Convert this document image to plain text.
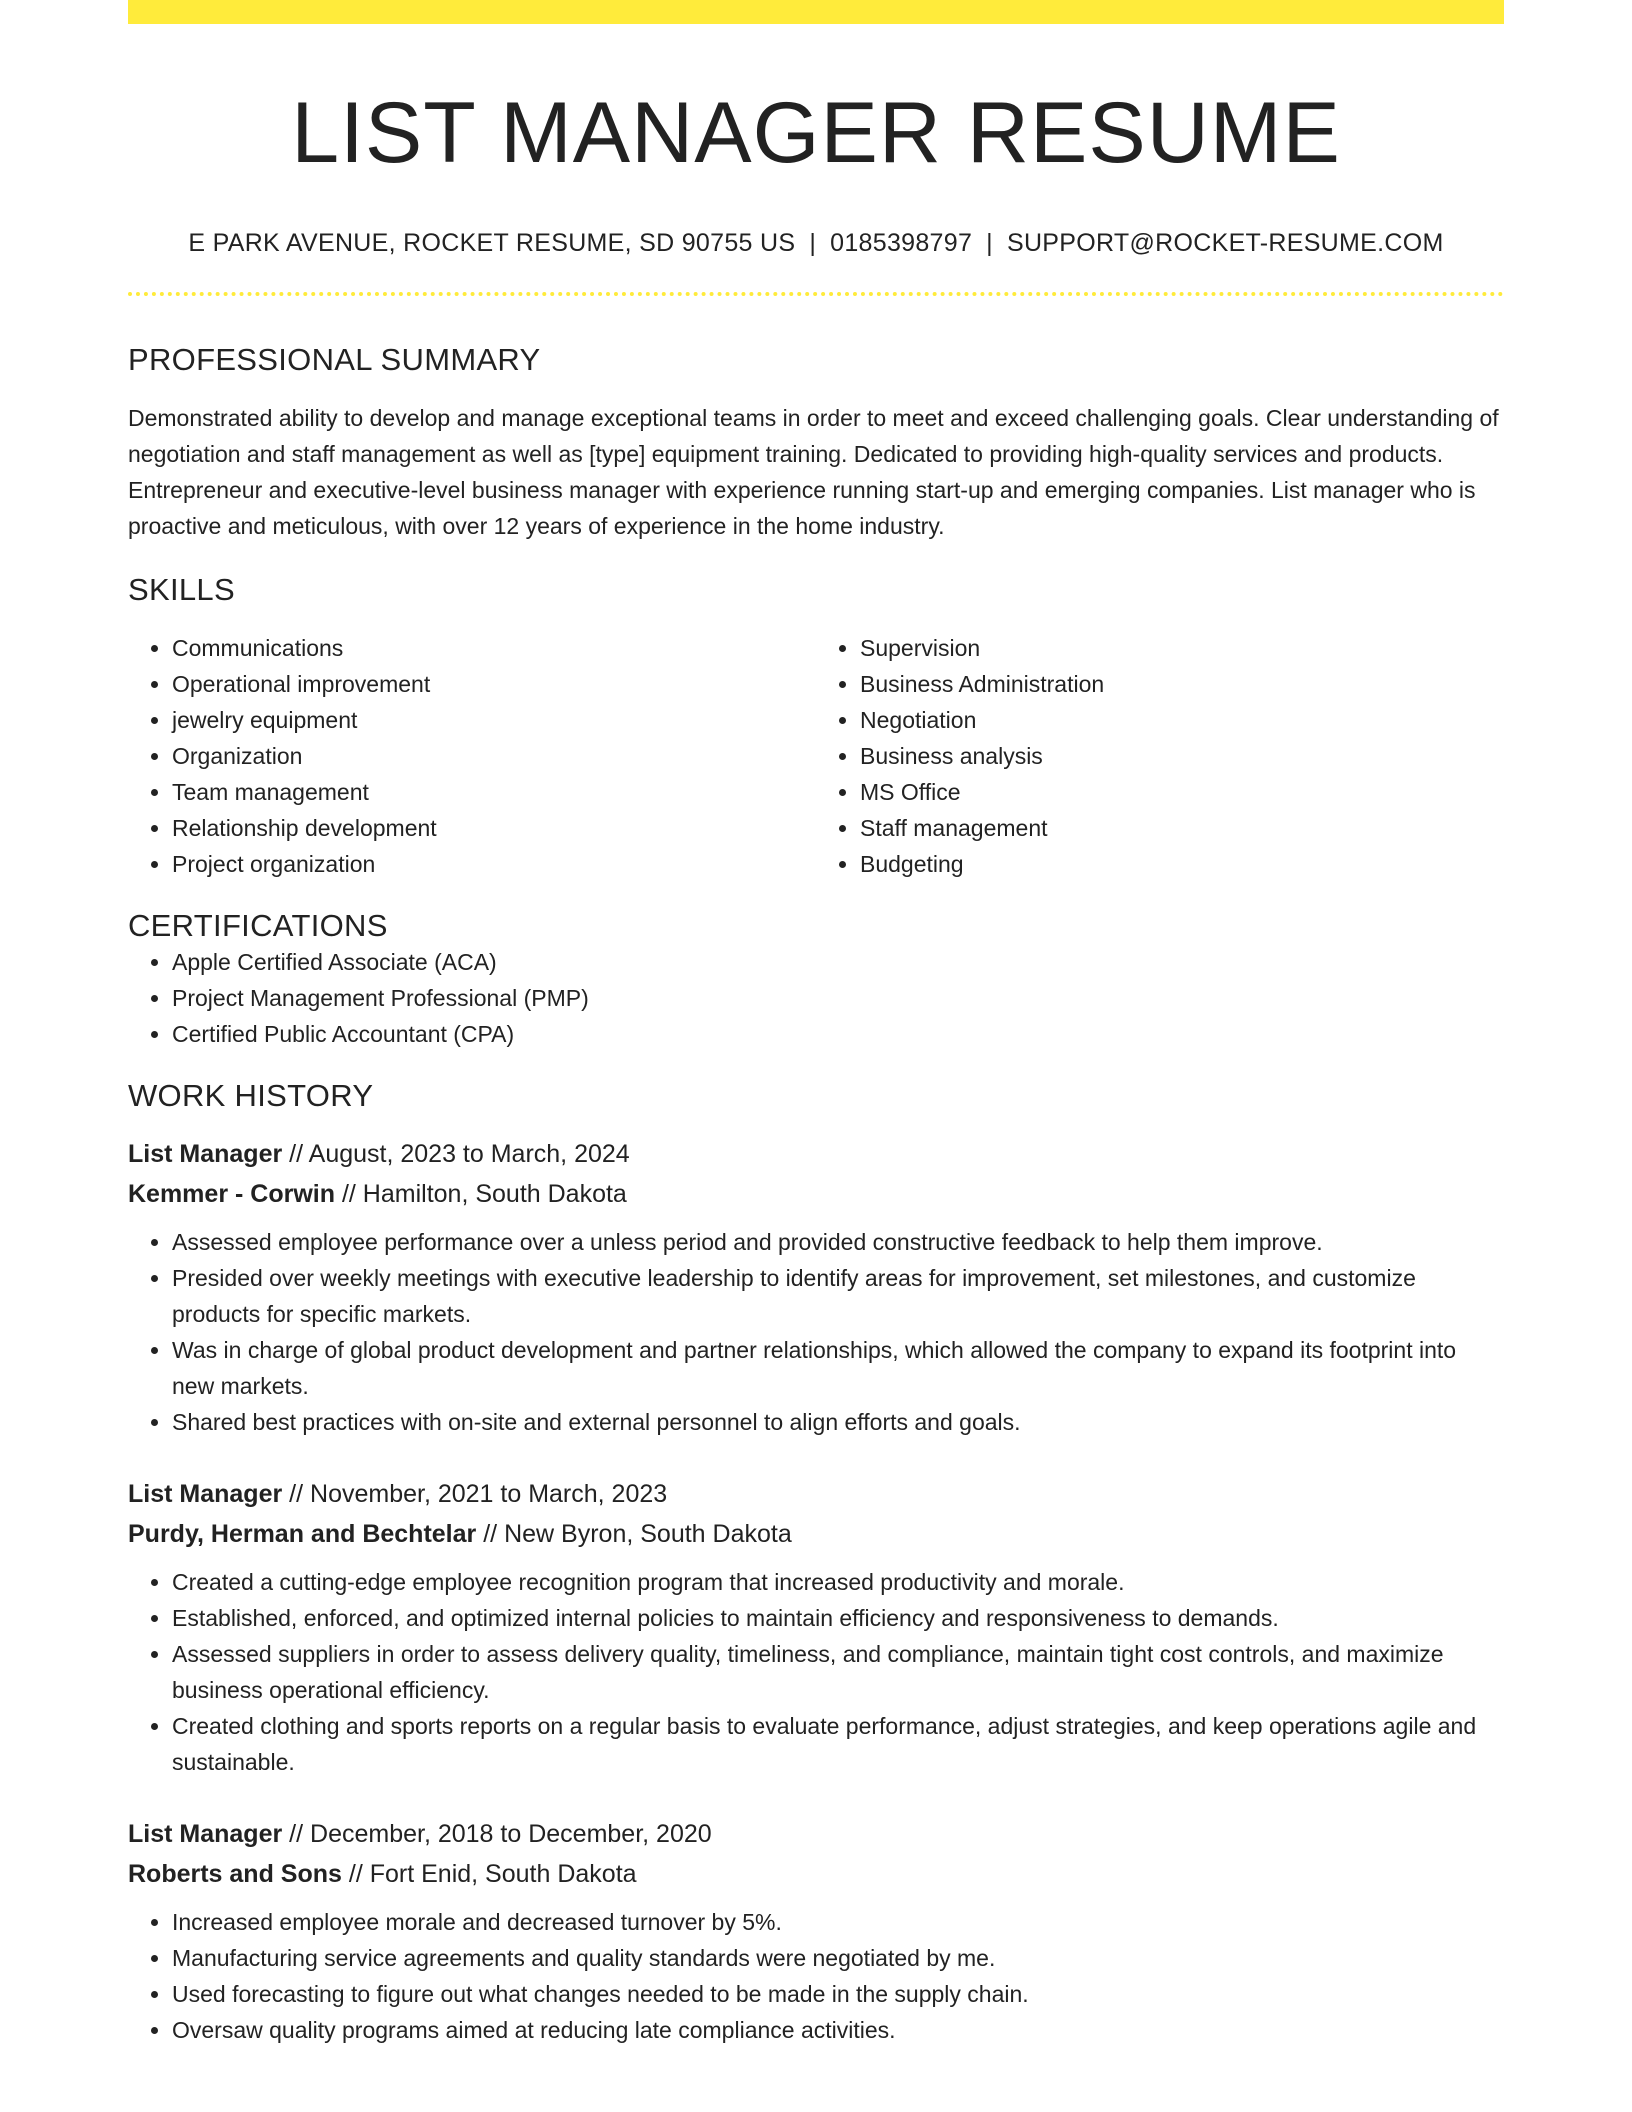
LIST MANAGER RESUME
E PARK AVENUE, ROCKET RESUME, SD 90755 US | 0185398797 | SUPPORT@ROCKET-RESUME.COM
PROFESSIONAL SUMMARY
Demonstrated ability to develop and manage exceptional teams in order to meet and exceed challenging goals. Clear understanding of negotiation and staff management as well as [type] equipment training. Dedicated to providing high-quality services and products. Entrepreneur and executive-level business manager with experience running start-up and emerging companies. List manager who is proactive and meticulous, with over 12 years of experience in the home industry.
SKILLS
• Communications
• Operational improvement
• jewelry equipment
• Organization
• Team management
• Relationship development
• Project organization
• Supervision
• Business Administration
• Negotiation
• Business analysis
• MS Office
• Staff management
• Budgeting
CERTIFICATIONS
• Apple Certified Associate (ACA)
• Project Management Professional (PMP)
• Certified Public Accountant (CPA)
WORK HISTORY
List Manager // August, 2023 to March, 2024
Kemmer - Corwin // Hamilton, South Dakota
• Assessed employee performance over a unless period and provided constructive feedback to help them improve.
• Presided over weekly meetings with executive leadership to identify areas for improvement, set milestones, and customize products for specific markets.
• Was in charge of global product development and partner relationships, which allowed the company to expand its footprint into new markets.
• Shared best practices with on-site and external personnel to align efforts and goals.
List Manager // November, 2021 to March, 2023
Purdy, Herman and Bechtelar // New Byron, South Dakota
• Created a cutting-edge employee recognition program that increased productivity and morale.
• Established, enforced, and optimized internal policies to maintain efficiency and responsiveness to demands.
• Assessed suppliers in order to assess delivery quality, timeliness, and compliance, maintain tight cost controls, and maximize business operational efficiency.
• Created clothing and sports reports on a regular basis to evaluate performance, adjust strategies, and keep operations agile and sustainable.
List Manager // December, 2018 to December, 2020
Roberts and Sons // Fort Enid, South Dakota
• Increased employee morale and decreased turnover by 5%.
• Manufacturing service agreements and quality standards were negotiated by me.
• Used forecasting to figure out what changes needed to be made in the supply chain.
• Oversaw quality programs aimed at reducing late compliance activities.
